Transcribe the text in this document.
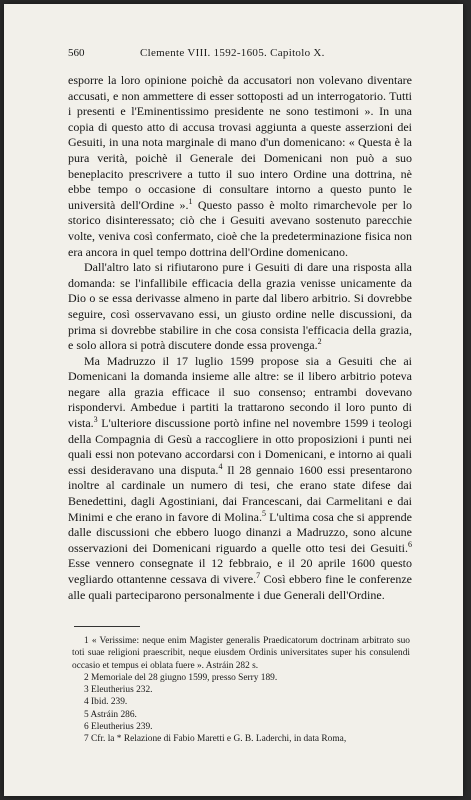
560	Clemente VIII. 1592-1605. Capitolo X.

esporre la loro opinione poichè da accusatori non volevano diventare accusati, e non ammettere di esser sottoposti ad un interrogatorio. Tutti i presenti e l'Eminentissimo presidente ne sono testimoni ». In una copia di questo atto di accusa trovasi aggiunta a queste asserzioni dei Gesuiti, in una nota marginale di mano d'un domenicano: « Questa è la pura verità, poichè il Generale dei Domenicani non può a suo beneplacito prescrivere a tutto il suo intero Ordine una dottrina, nè ebbe tempo o occasione di consultare intorno a questo punto le università dell'Ordine ».$^1$ Questo passo è molto rimarchevole per lo storico disinteressato; ciò che i Gesuiti avevano sostenuto parecchie volte, veniva così confermato, cioè che la predeterminazione fisica non era ancora in quel tempo dottrina dell'Ordine domenicano.

Dall'altro lato si rifiutarono pure i Gesuiti di dare una risposta alla domanda: se l'infallibile efficacia della grazia venisse unicamente da Dio o se essa derivasse almeno in parte dal libero arbitrio. Si dovrebbe seguire, così osservavano essi, un giusto ordine nelle discussioni, da prima si dovrebbe stabilire in che cosa consista l'efficacia della grazia, e solo allora si potrà discutere donde essa provenga.$^2$

Ma Madruzzo il 17 luglio 1599 propose sia a Gesuiti che ai Domenicani la domanda insieme alle altre: se il libero arbitrio poteva negare alla grazia efficace il suo consenso; entrambi dovevano rispondervi. Ambedue i partiti la trattarono secondo il loro punto di vista.$^3$ L'ulteriore discussione portò infine nel novembre 1599 i teologi della Compagnia di Gesù a raccogliere in otto proposizioni i punti nei quali essi non potevano accordarsi con i Domenicani, e intorno ai quali essi desideravano una disputa.$^4$ Il 28 gennaio 1600 essi presentarono inoltre al cardinale un numero di tesi, che erano state difese dai Benedettini, dagli Agostiniani, dai Francescani, dai Carmelitani e dai Minimi e che erano in favore di Molina.$^5$ L'ultima cosa che si apprende dalle discussioni che ebbero luogo dinanzi a Madruzzo, sono alcune osservazioni dei Domenicani riguardo a quelle otto tesi dei Gesuiti.$^6$ Esse vennero consegnate il 12 febbraio, e il 20 aprile 1600 questo vegliardo ottantenne cessava di vivere.$^7$ Così ebbero fine le conferenze alle quali parteciparono personalmente i due Generali dell'Ordine.

1 « Verissime: neque enim Magister generalis Praedicatorum doctrinam arbitrato suo toti suae religioni praescribit, neque eiusdem Ordinis universitates super his consulendi occasio et tempus ei oblata fuere ». Astráin 282 s.
2 Memoriale del 28 giugno 1599, presso Serry 189.
3 Eleutherius 232.
4 Ibid. 239.
5 Astráin 286.
6 Eleutherius 239.
7 Cfr. la * Relazione di Fabio Maretti e G. B. Laderchi, in data Roma,
